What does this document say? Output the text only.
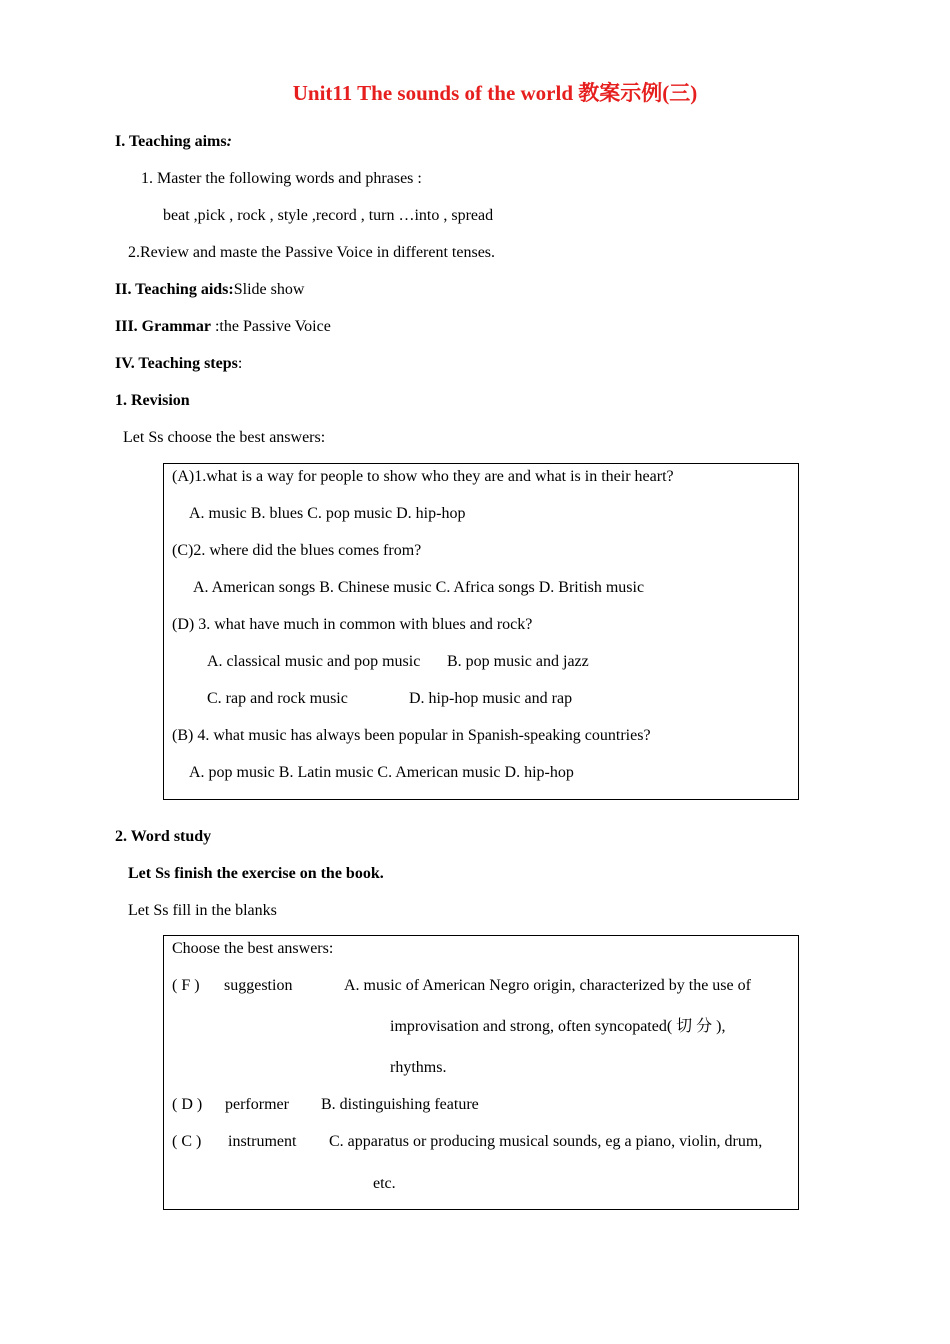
Unit11 The sounds of the world 教案示例(三)
I. Teaching aims:
1. Master the following words and phrases :
beat ,pick , rock , style ,record , turn …into , spread
2.Review and maste the Passive Voice in different tenses.
II. Teaching aids:Slide show
III. Grammar :the Passive Voice
IV. Teaching steps:
1. Revision
Let Ss choose the best answers:
(A)1.what is a way for people to show who they are and what is in their heart?
A. music B. blues C. pop music D. hip-hop
(C)2. where did the blues comes from?
A. American songs B. Chinese music C. Africa songs D. British music
(D) 3. what have much in common with blues and rock?
A. classical music and pop music B. pop music and jazz
C. rap and rock music	D. hip-hop music and rap
(B) 4. what music has always been popular in Spanish-speaking countries?
A. pop music B. Latin music C. American music D. hip-hop
2. Word study
Let Ss finish the exercise on the book.
Let Ss fill in the blanks
Choose the best answers:
( F ) suggestion	A. music of American Negro origin, characterized by the use of
improvisation and strong, often syncopated( 切 分 ),
rhythms.
( D ) performer B. distinguishing feature
( C ) instrument C. apparatus or producing musical sounds, eg a piano, violin, drum,
etc.
